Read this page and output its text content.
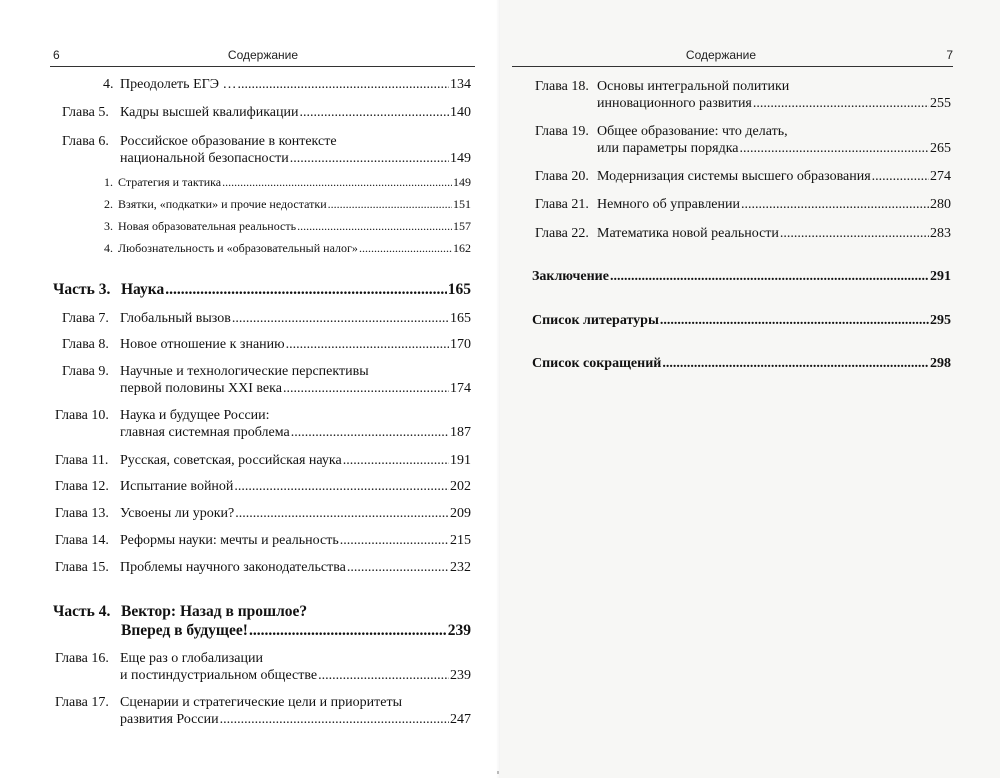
6	Содержание
4. Преодолеть ЕГЭ … .....	134
Глава 5. Кадры высшей квалификации .....	140
Глава 6. Российское образование в контексте
национальной безопасности .....	149
1. Стратегия и тактика .....	149
2. Взятки, «подкатки» и прочие недостатки .....	151
3. Новая образовательная реальность .....	157
4. Любознательность и «образовательный налог» .....	162
Часть 3. Наука .....	165
Глава 7. Глобальный вызов .....	165
Глава 8. Новое отношение к знанию .....	170
Глава 9. Научные и технологические перспективы
первой половины XXI века .....	174
Глава 10. Наука и будущее России:
главная системная проблема .....	187
Глава 11. Русская, советская, российская наука .....	191
Глава 12. Испытание войной .....	202
Глава 13. Усвоены ли уроки? .....	209
Глава 14. Реформы науки: мечты и реальность .....	215
Глава 15. Проблемы научного законодательства .....	232
Часть 4. Вектор: Назад в прошлое?
Вперед в будущее! .....	239
Глава 16. Еще раз о глобализации
и постиндустриальном обществе .....	239
Глава 17. Сценарии и стратегические цели и приоритеты
развития России .....	247
Содержание	7
Глава 18. Основы интегральной политики
инновационного развития .....	255
Глава 19. Общее образование: что делать,
или параметры порядка .....	265
Глава 20. Модернизация системы высшего образования .....	274
Глава 21. Немного об управлении .....	280
Глава 22. Математика новой реальности .....	283
Заключение .....	291
Список литературы .....	295
Список сокращений .....	298
